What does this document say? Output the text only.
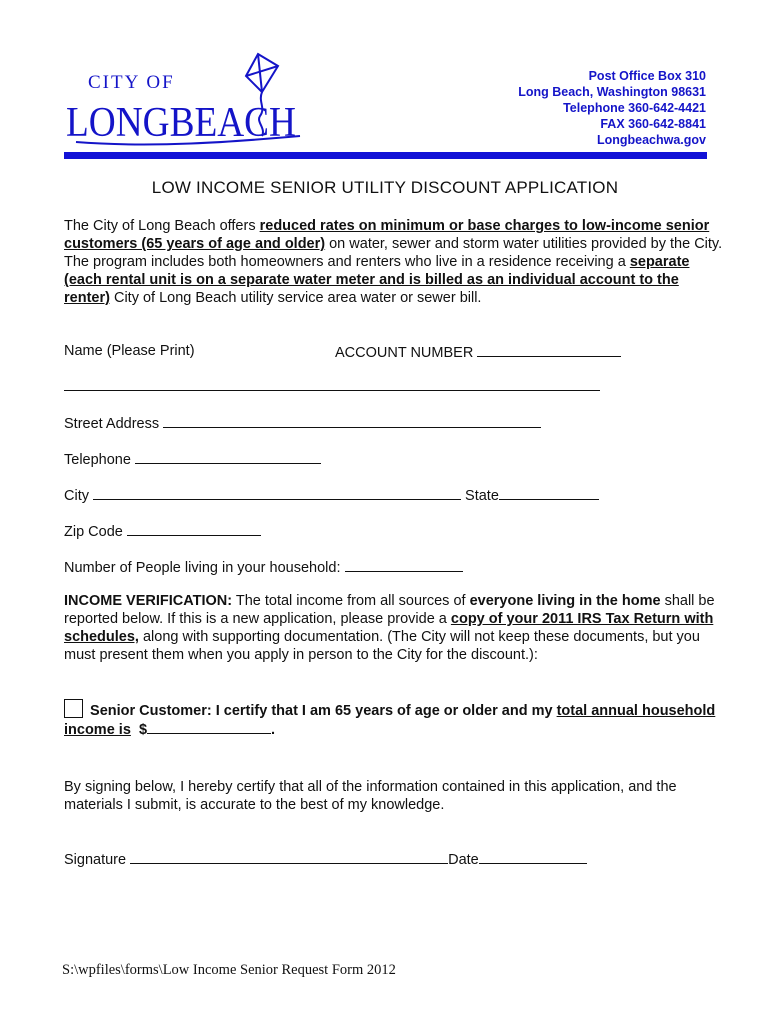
CITY OF
LONGBEACH
Post Office Box 310
Long Beach, Washington 98631
Telephone 360-642-4421
FAX 360-642-8841
Longbeachwa.gov
LOW INCOME SENIOR UTILITY DISCOUNT APPLICATION
The City of Long Beach offers reduced rates on minimum or base charges to low-income senior customers (65 years of age and older) on water, sewer and storm water utilities provided by the City. The program includes both homeowners and renters who live in a residence receiving a separate (each rental unit is on a separate water meter and is billed as an individual account to the renter) City of Long Beach utility service area water or sewer bill.
Name (Please Print)	ACCOUNT NUMBER
Street Address
Telephone
City	State
Zip Code
Number of People living in your household:
INCOME VERIFICATION: The total income from all sources of everyone living in the home shall be reported below. If this is a new application, please provide a copy of your 2011 IRS Tax Return with schedules, along with supporting documentation. (The City will not keep these documents, but you must present them when you apply in person to the City for the discount.):
Senior Customer: I certify that I am 65 years of age or older and my total annual household income is $	.
By signing below, I hereby certify that all of the information contained in this application, and the materials I submit, is accurate to the best of my knowledge.
Signature	Date
S:\wpfiles\forms\Low Income Senior Request Form 2012
